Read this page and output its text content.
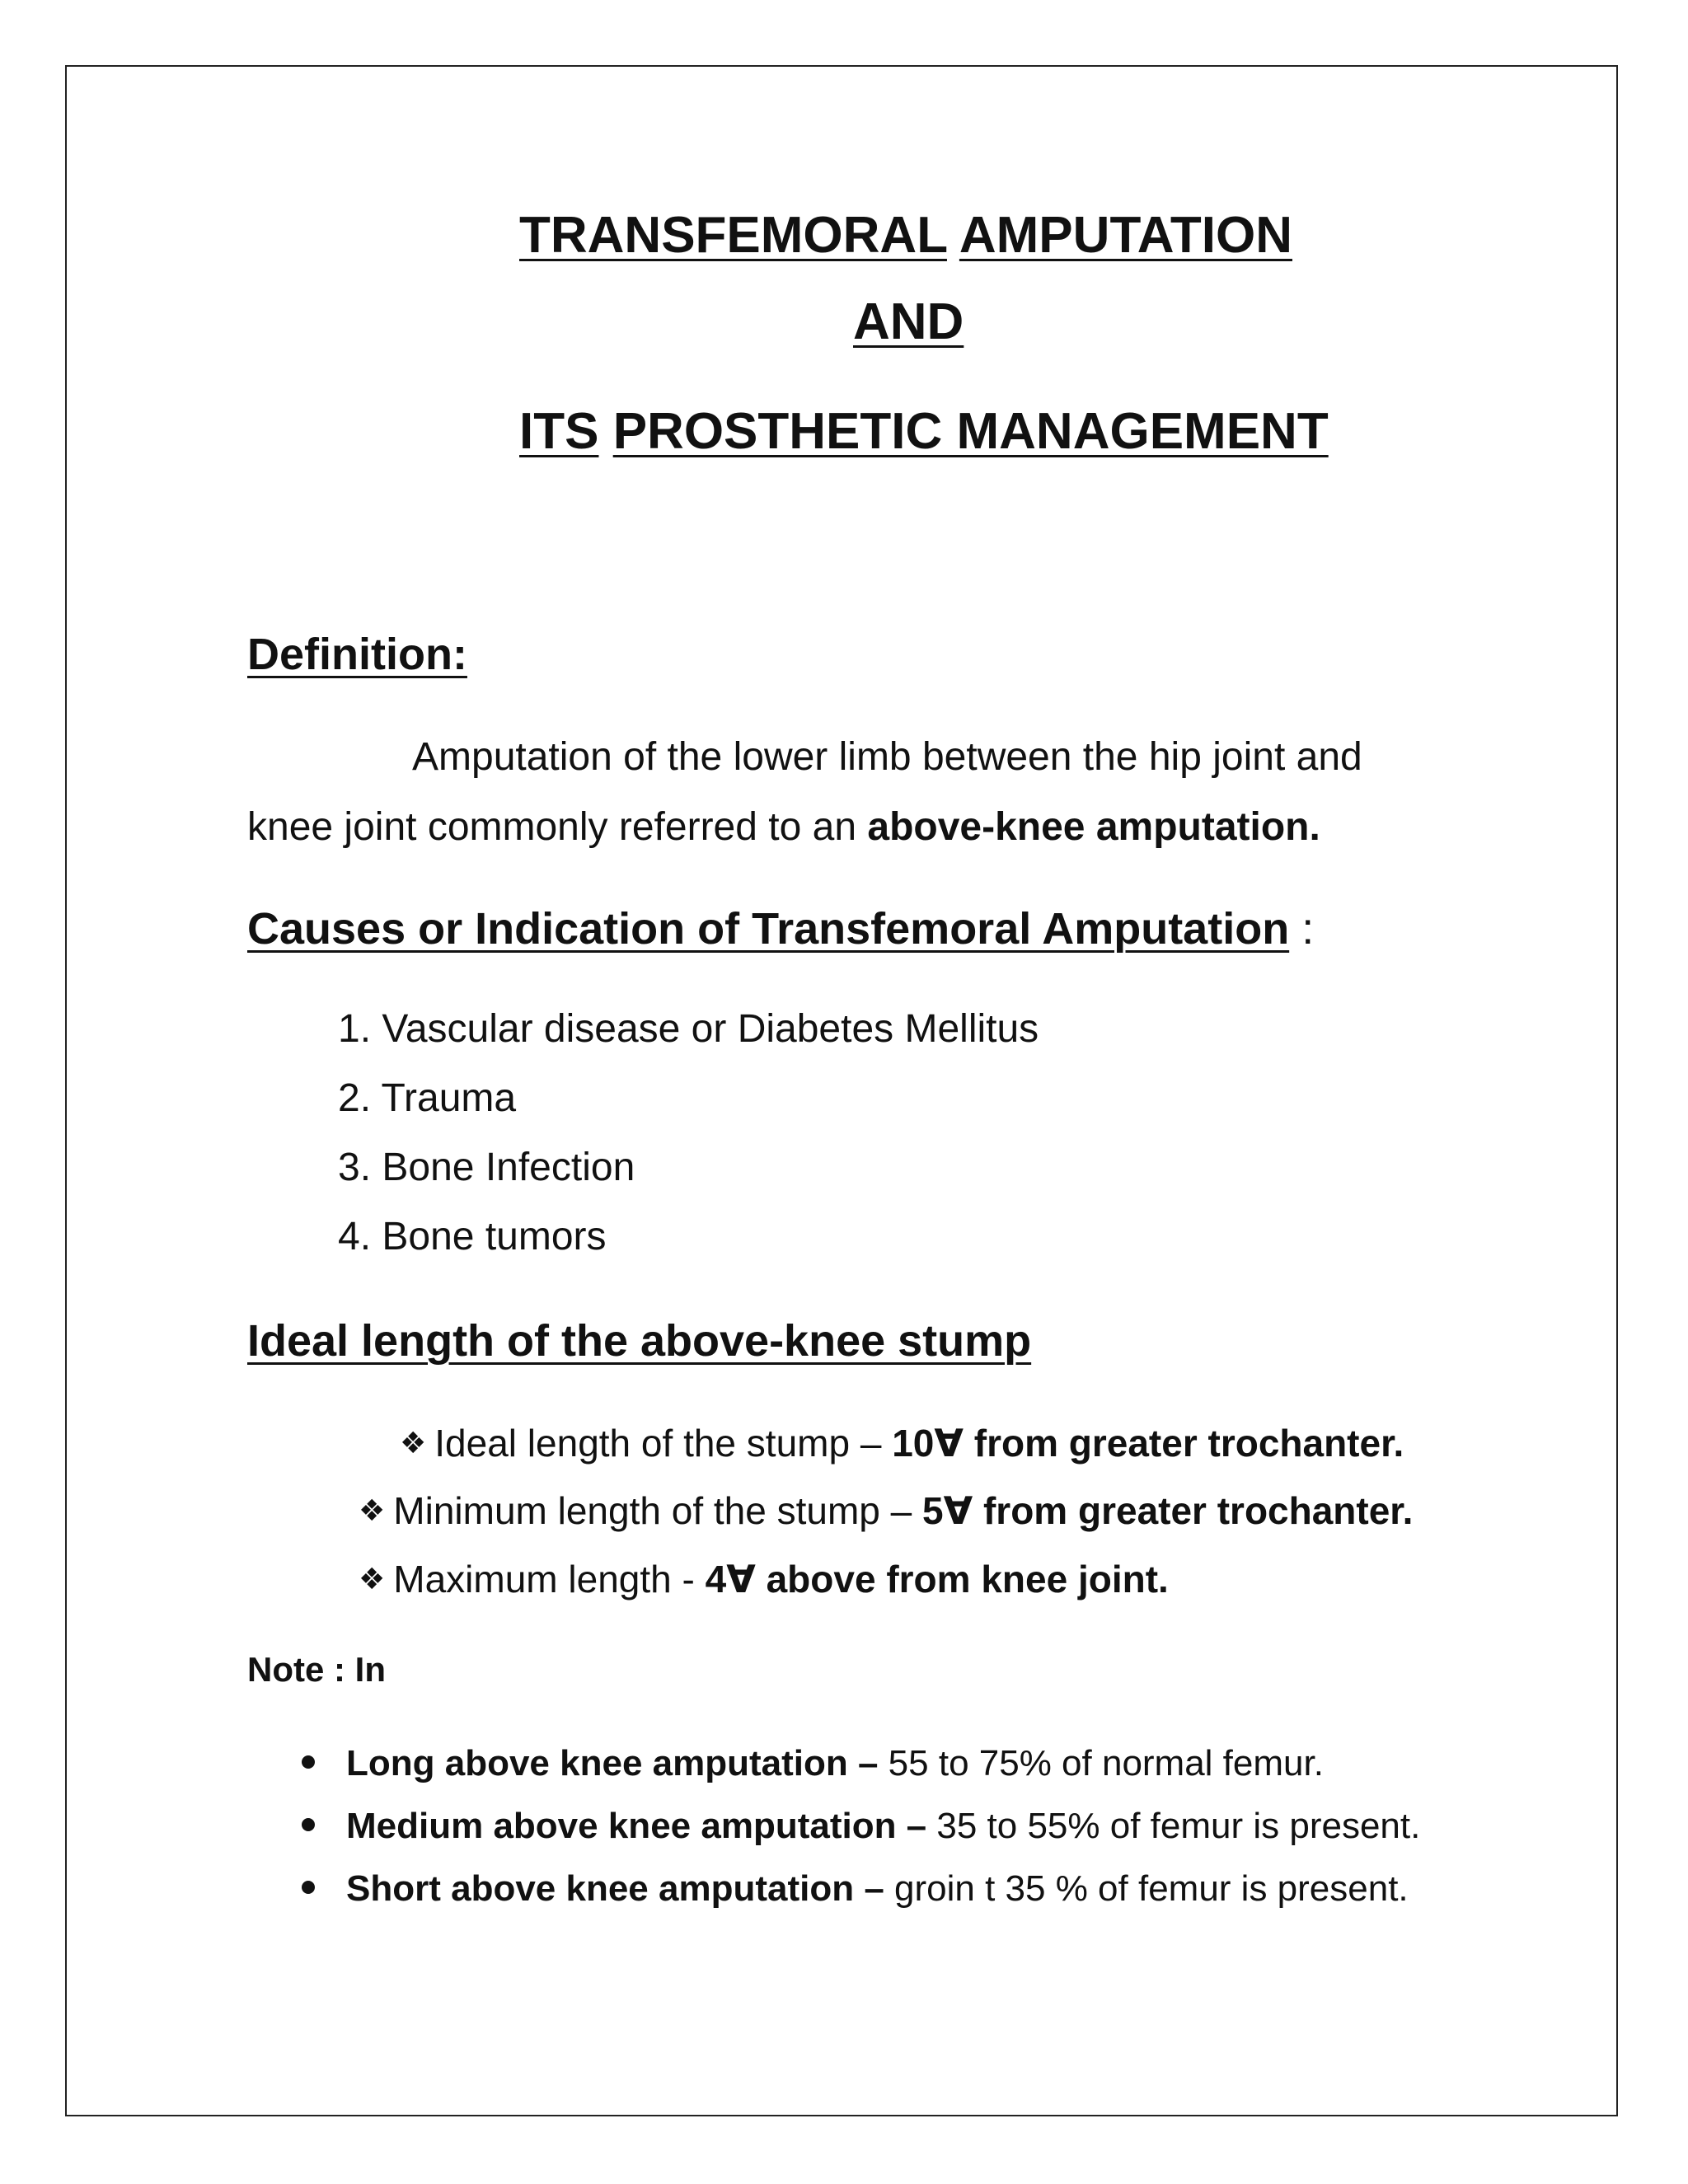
TRANSFEMORAL AMPUTATION
AND
ITS PROSTHETIC MANAGEMENT
Definition:
Amputation of the lower limb between the hip joint and
knee joint commonly referred to an above-knee amputation.
Causes or Indication of Transfemoral Amputation :
1. Vascular disease or Diabetes Mellitus
2. Trauma
3. Bone Infection
4. Bone tumors
Ideal length of the above-knee stump
❖ Ideal length of the stump – 10∀ from greater trochanter.
❖ Minimum length of the stump – 5∀ from greater trochanter.
❖ Maximum length - 4∀ above from knee joint.
Note : In
Long above knee amputation – 55 to 75% of normal femur.
Medium above knee amputation – 35 to 55% of femur is present.
Short above knee amputation – groin t 35 % of femur is present.
